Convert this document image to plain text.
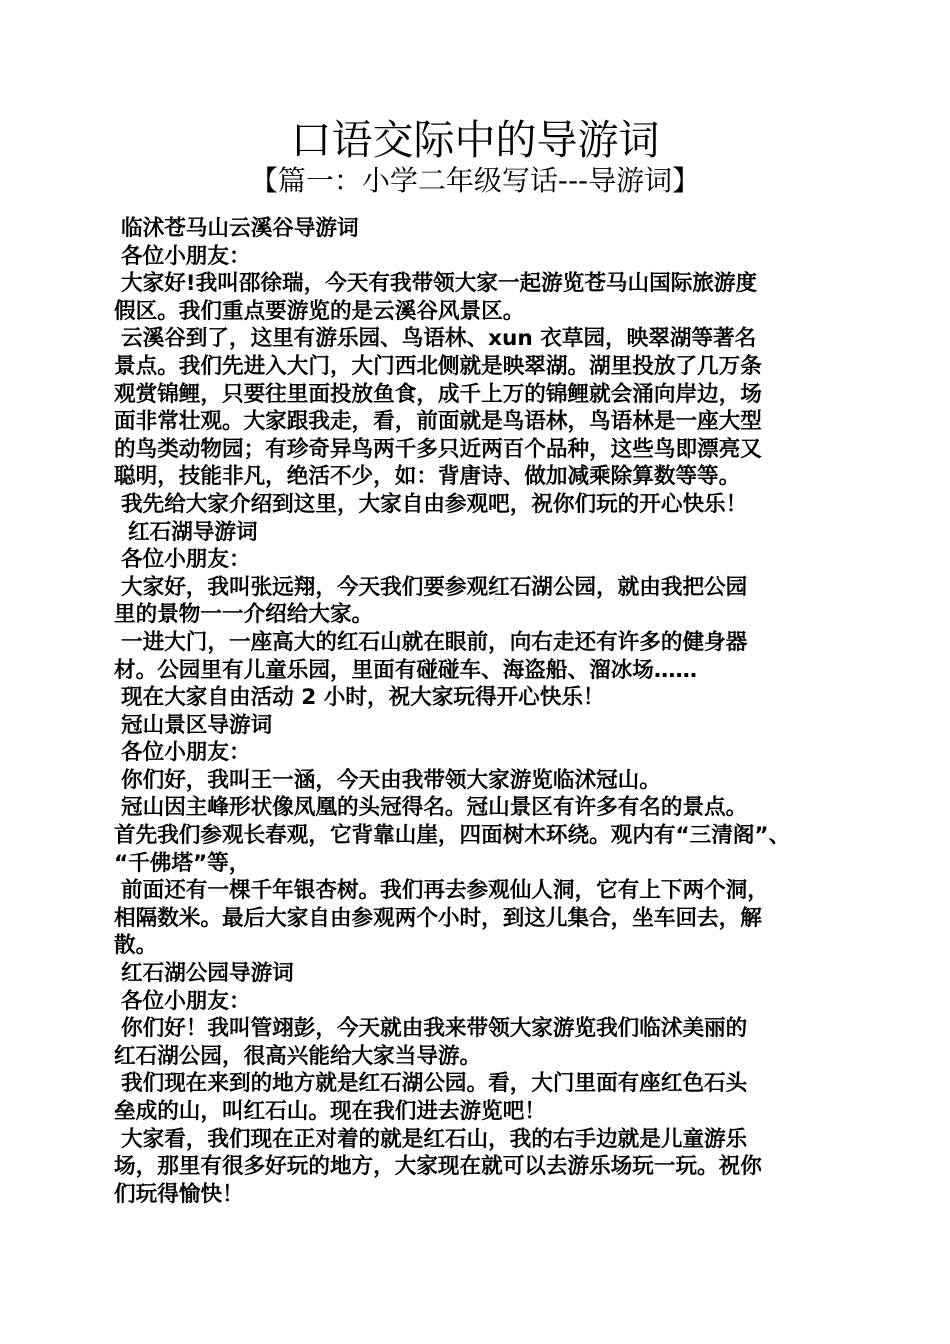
口语交际中的导游词
【篇一：小学二年级写话---导游词】

临沭苍马山云溪谷导游词

各位小朋友：

大家好!我叫邵徐瑞，今天有我带领大家一起游览苍马山国际旅游度

假区。我们重点要游览的是云溪谷风景区。

云溪谷到了，这里有游乐园、鸟语林、xun 衣草园，映翠湖等著名

景点。我们先进入大门，大门西北侧就是映翠湖。湖里投放了几万条

观赏锦鲤，只要往里面投放鱼食，成千上万的锦鲤就会涌向岸边，场

面非常壮观。大家跟我走，看，前面就是鸟语林，鸟语林是一座大型

的鸟类动物园；有珍奇异鸟两千多只近两百个品种，这些鸟即漂亮又

聪明，技能非凡，绝活不少，如：背唐诗、做加减乘除算数等等。

我先给大家介绍到这里，大家自由参观吧，祝你们玩的开心快乐！

红石湖导游词

各位小朋友：

大家好，我叫张远翔，今天我们要参观红石湖公园，就由我把公园

里的景物一一介绍给大家。

一进大门，一座高大的红石山就在眼前，向右走还有许多的健身器

材。公园里有儿童乐园，里面有碰碰车、海盗船、溜冰场……

现在大家自由活动 2 小时，祝大家玩得开心快乐！

冠山景区导游词

各位小朋友：

你们好，我叫王一涵，今天由我带领大家游览临沭冠山。

冠山因主峰形状像凤凰的头冠得名。冠山景区有许多有名的景点。

首先我们参观长春观，它背靠山崖，四面树木环绕。观内有“三清阁”、

“千佛塔”等，

前面还有一棵千年银杏树。我们再去参观仙人洞，它有上下两个洞，

相隔数米。最后大家自由参观两个小时，到这儿集合，坐车回去，解

散。

红石湖公园导游词

各位小朋友：

你们好！我叫管翊彭，今天就由我来带领大家游览我们临沭美丽的

红石湖公园，很高兴能给大家当导游。

我们现在来到的地方就是红石湖公园。看，大门里面有座红色石头

垒成的山，叫红石山。现在我们进去游览吧！

大家看，我们现在正对着的就是红石山，我的右手边就是儿童游乐

场，那里有很多好玩的地方，大家现在就可以去游乐场玩一玩。祝你

们玩得愉快！
